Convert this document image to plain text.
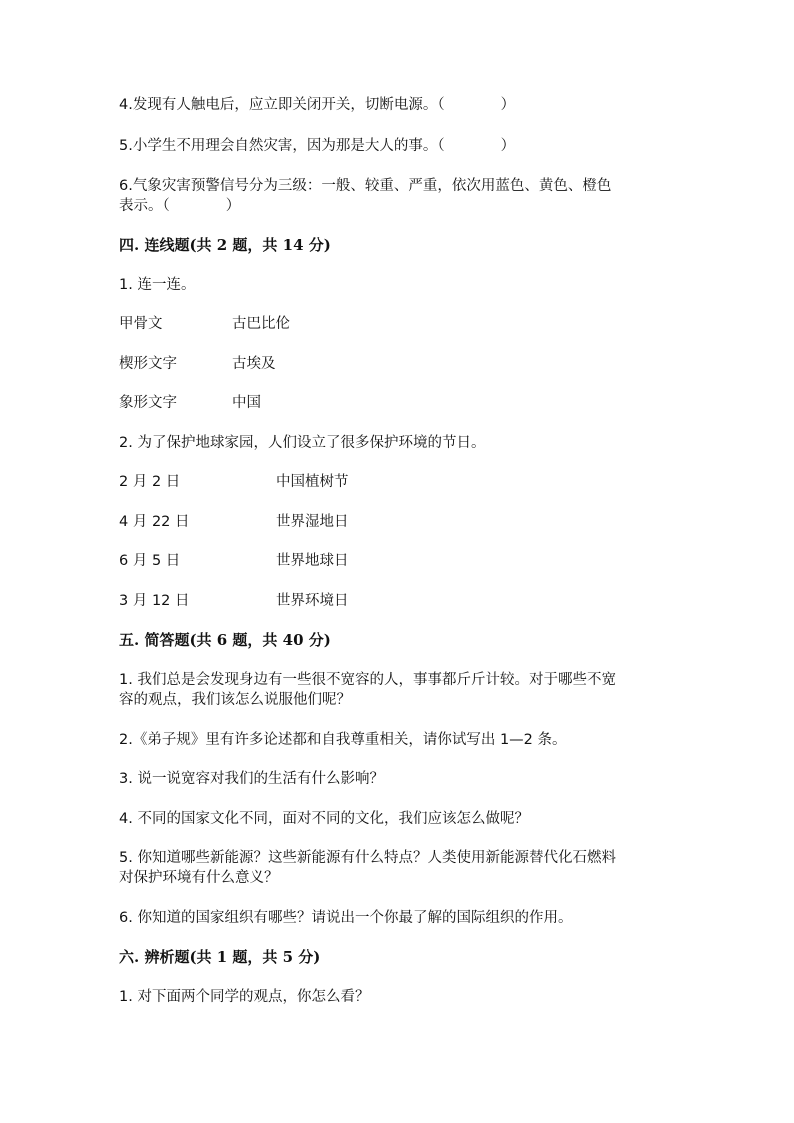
4.发现有人触电后，应立即关闭开关，切断电源。（	）
5.小学生不用理会自然灾害，因为那是大人的事。（	）
6.气象灾害预警信号分为三级：一般、较重、严重，依次用蓝色、黄色、橙色
表示。（	）
四. 连线题(共 2 题，共 14 分)
1. 连一连。
甲骨文	古巴比伦
楔形文字	古埃及
象形文字	中国
2. 为了保护地球家园，人们设立了很多保护环境的节日。
2 月 2 日	中国植树节
4 月 22 日	世界湿地日
6 月 5 日	世界地球日
3 月 12 日	世界环境日
五. 简答题(共 6 题，共 40 分)
1. 我们总是会发现身边有一些很不宽容的人，事事都斤斤计较。对于哪些不宽
容的观点，我们该怎么说服他们呢？
2.《弟子规》里有许多论述都和自我尊重相关，请你试写出 1—2 条。
3. 说一说宽容对我们的生活有什么影响？
4. 不同的国家文化不同，面对不同的文化，我们应该怎么做呢？
5. 你知道哪些新能源？这些新能源有什么特点？人类使用新能源替代化石燃料
对保护环境有什么意义？
6. 你知道的国家组织有哪些？请说出一个你最了解的国际组织的作用。
六. 辨析题(共 1 题，共 5 分)
1. 对下面两个同学的观点，你怎么看？
